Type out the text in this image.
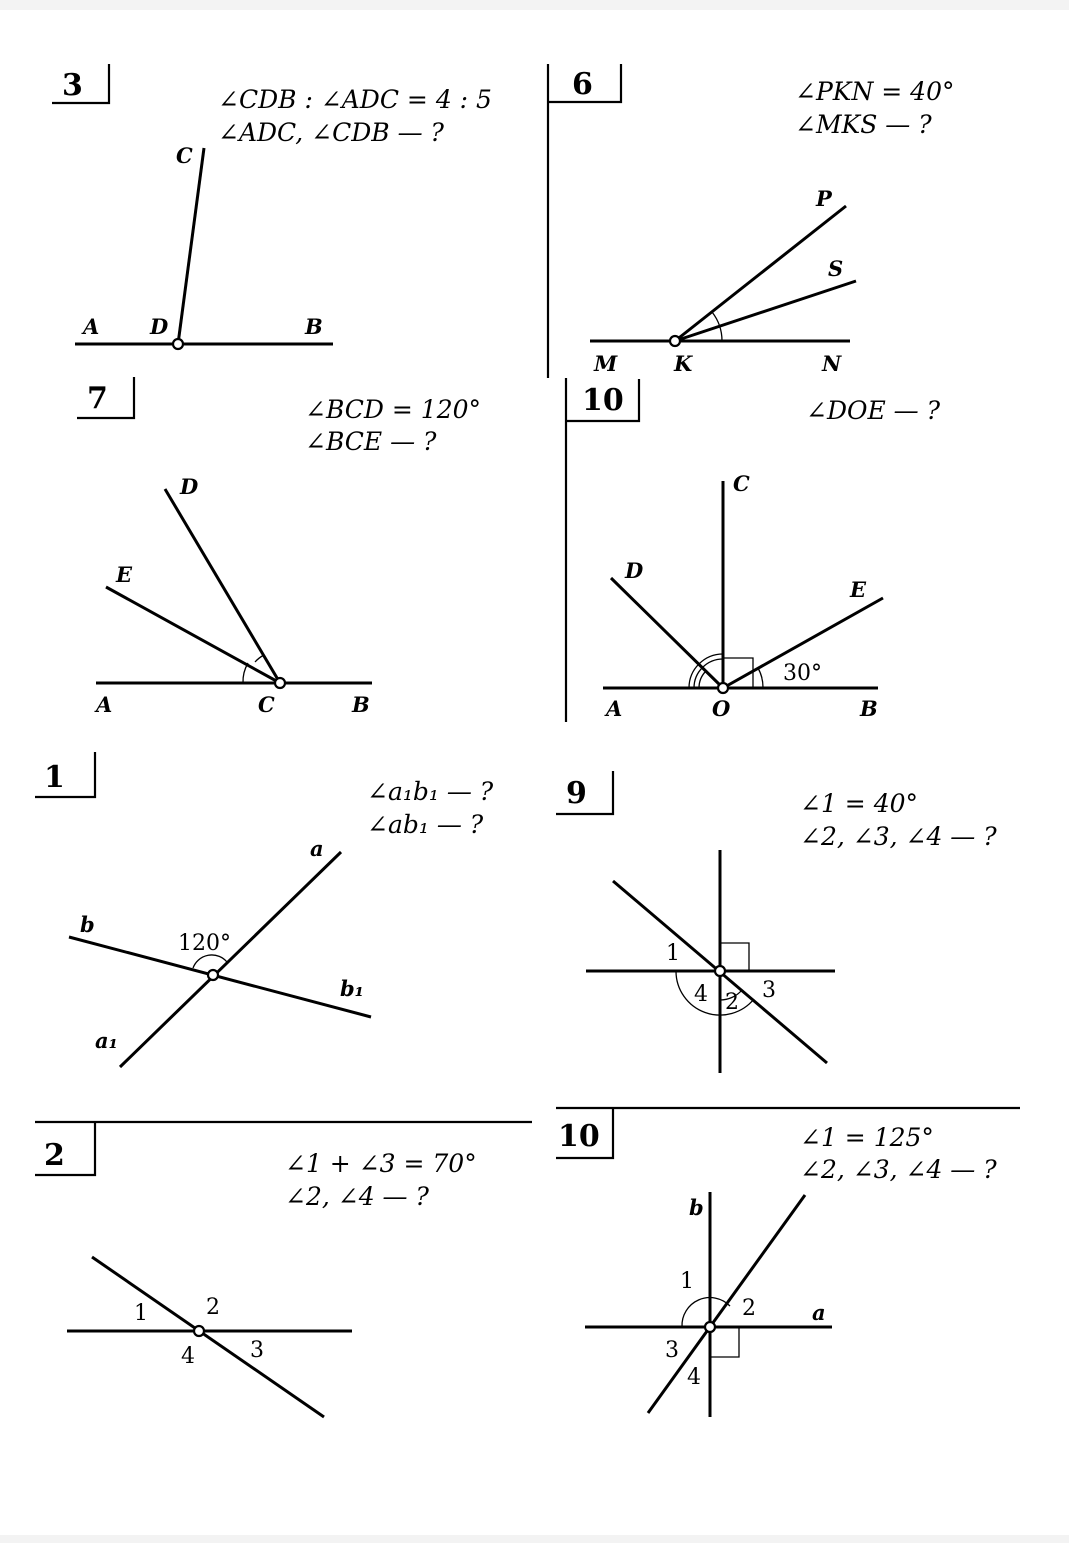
3	∠CDB : ∠ADC = 4 : 5
∠ADC, ∠CDB — ?
A D	B
C
6	∠PKN = 40°
∠MKS — ?
M	K	N
P
S
7	∠BCD = 120°
∠BCE — ?
A	C	B
D
E
10	∠DOE — ?
30°
A	O	B
C
D
E
1	∠a₁b₁ — ?
∠ab₁ — ?
120°
a
a₁
b
b₁
9	∠1 = 40°
∠2, ∠3, ∠4 — ?
1
2 3
4
2	∠1 + ∠3 = 70°
∠2, ∠4 — ?
1	2
3
4
10	∠1 = 125°
∠2, ∠3, ∠4 — ?
b
a
1
2
3
4
